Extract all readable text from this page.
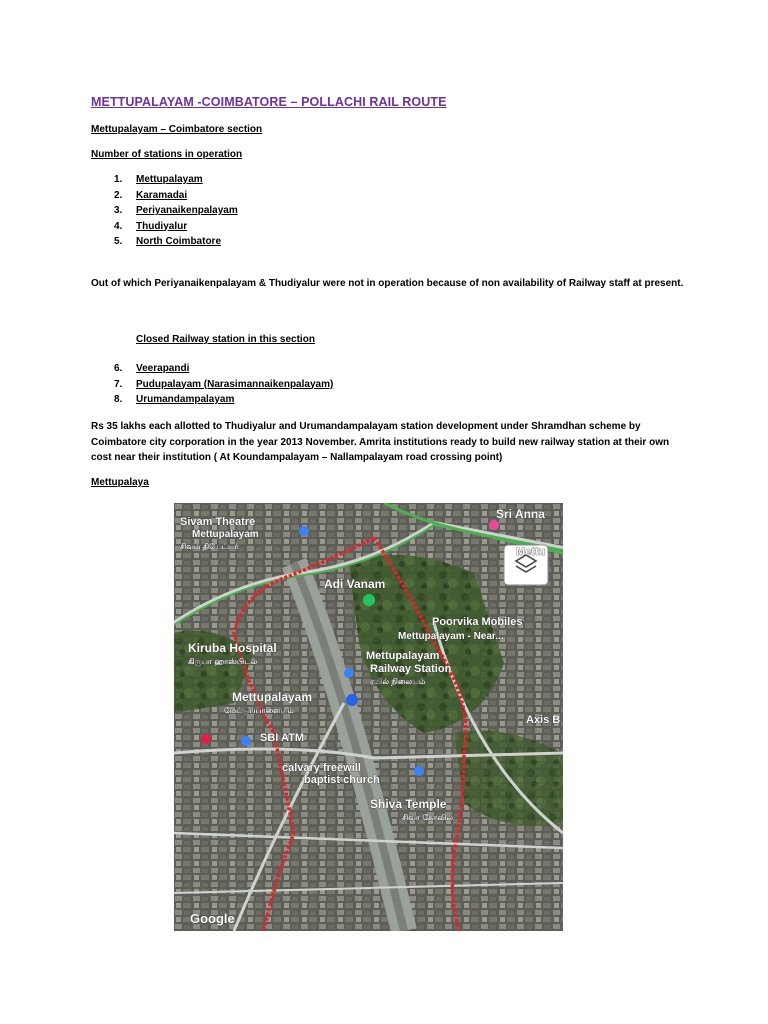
METTUPALAYAM -COIMBATORE – POLLACHI RAIL ROUTE
Mettupalayam – Coimbatore section
Number of stations in operation
1. Mettupalayam
2. Karamadai
3. Periyanaikenpalayam
4. Thudiyalur
5. North Coimbatore
Out of which Periyanaikenpalayam & Thudiyalur were not in operation because of non availability of Railway staff at present.
Closed Railway station in this section
6. Veerapandi
7. Pudupalayam (Narasimannaikenpalayam)
8. Urumandampalayam
Rs 35 lakhs each allotted to Thudiyalur and Urumandampalayam station development under Shramdhan scheme by Coimbatore city corporation in the year 2013 November. Amrita institutions ready to build new railway station at their own cost near their institution ( At Koundampalayam – Nallampalayam road crossing point)
Mettupalaya
Sri Anna
Sivam Theatre
Mettupalayam
சிவம் தியேட்டர்	Mettu
Adi Vanam
Poorvika Mobiles
Mettupalayam - Near...
Kiruba Hospital
கிருபா ஹாஸ்பிடல்	Mettupalayam
Railway Station
ரயில் நிலையம்
Mettupalayam
மேட்டுப்பாளையம்
Axis B
SBI ATM
calvary freewill
baptist church
Shiva Temple
சிவா கோவில்
Google
